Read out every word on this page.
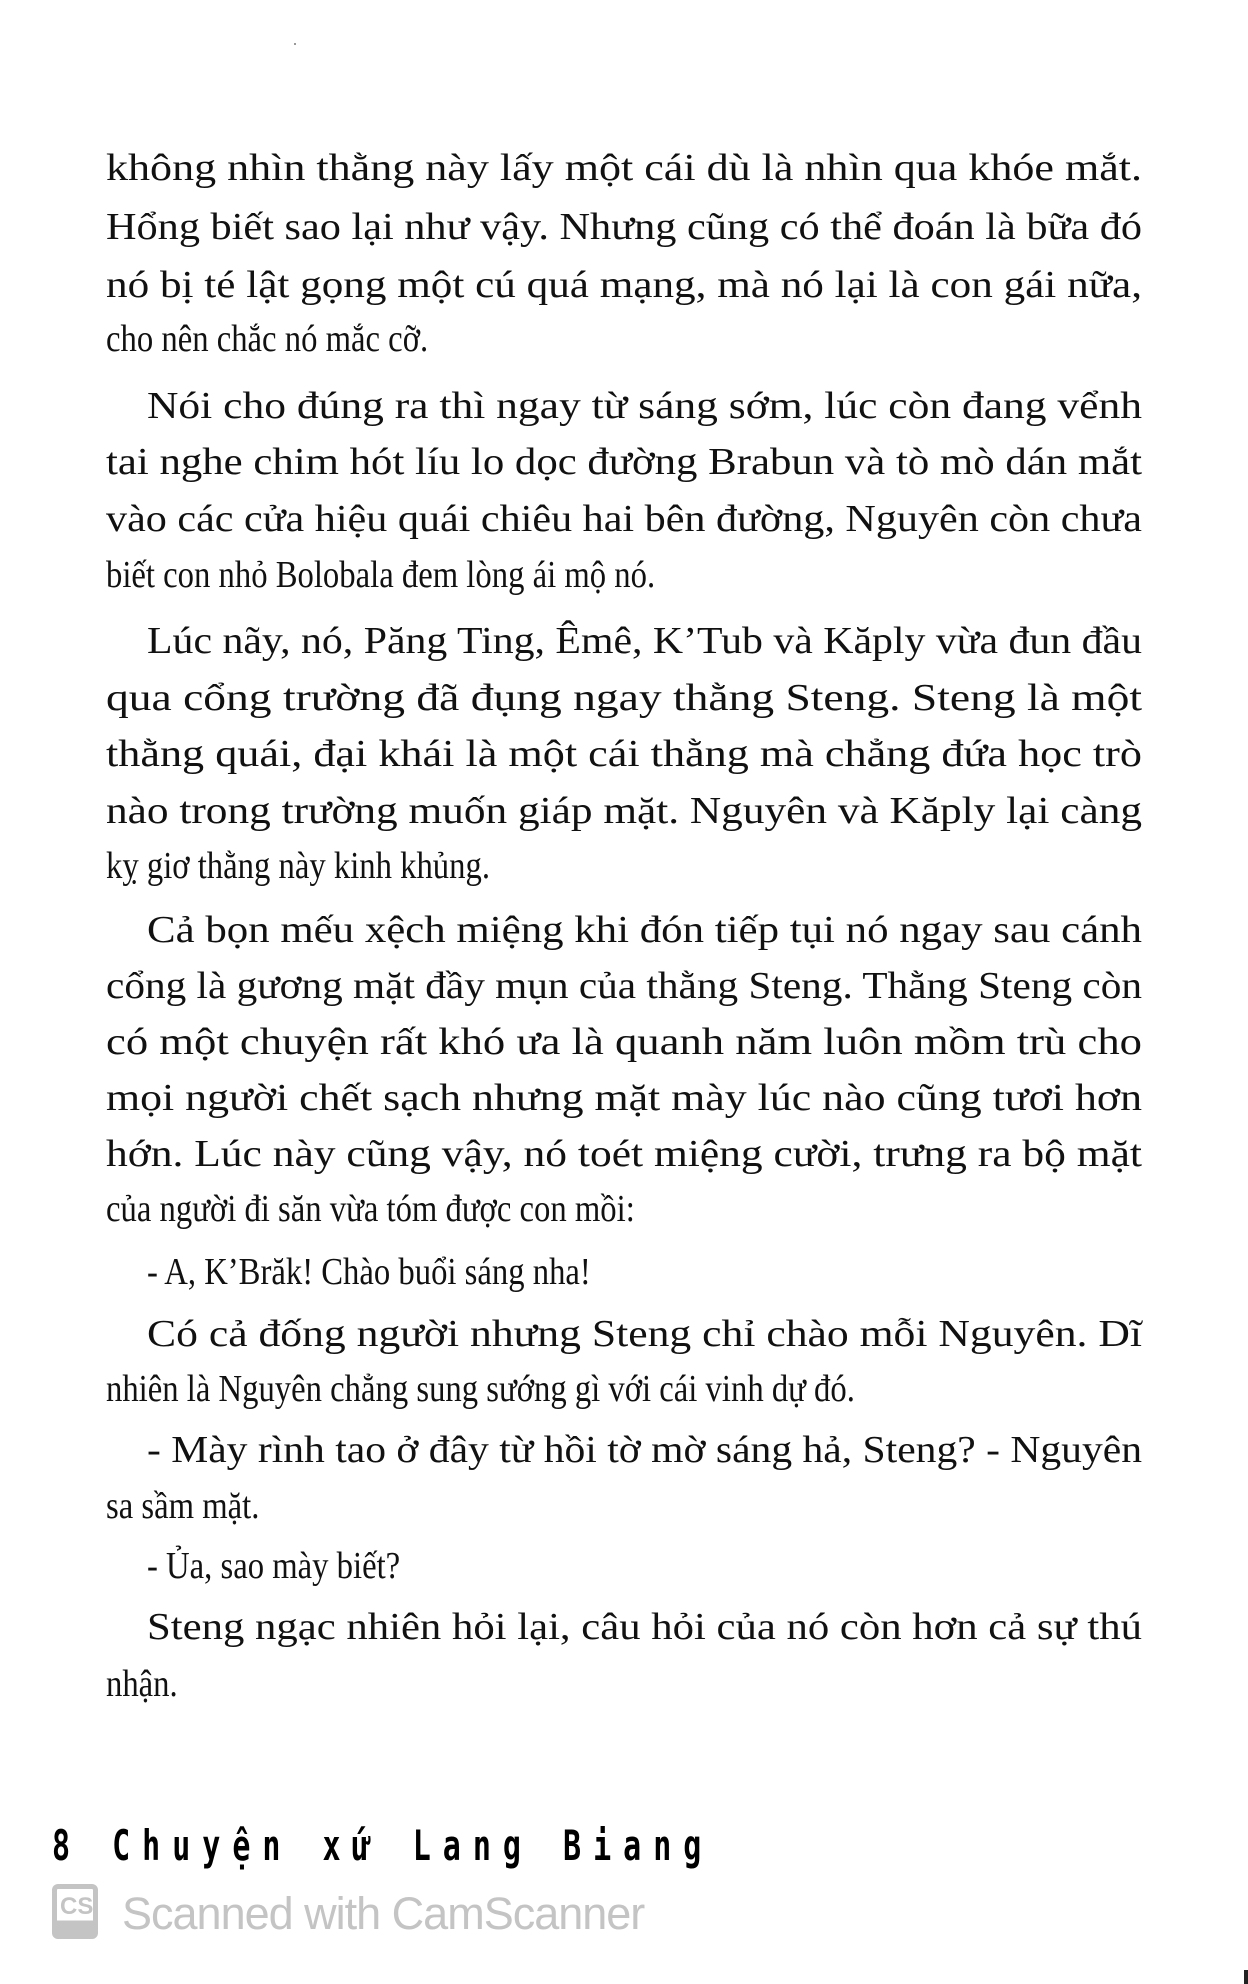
không nhìn thằng này lấy một cái dù là nhìn qua khóe mắt.
Hổng biết sao lại như vậy. Nhưng cũng có thể đoán là bữa đó
nó bị té lật gọng một cú quá mạng, mà nó lại là con gái nữa,
cho nên chắc nó mắc cỡ.
Nói cho đúng ra thì ngay từ sáng sớm, lúc còn đang vểnh
tai nghe chim hót líu lo dọc đường Brabun và tò mò dán mắt
vào các cửa hiệu quái chiêu hai bên đường, Nguyên còn chưa
biết con nhỏ Bolobala đem lòng ái mộ nó.
Lúc nãy, nó, Păng Ting, Êmê, K’Tub và Kăply vừa đun đầu
qua cổng trường đã đụng ngay thằng Steng. Steng là một
thằng quái, đại khái là một cái thằng mà chẳng đứa học trò
nào trong trường muốn giáp mặt. Nguyên và Kăply lại càng
kỵ giơ thằng này kinh khủng.
Cả bọn mếu xệch miệng khi đón tiếp tụi nó ngay sau cánh
cổng là gương mặt đầy mụn của thằng Steng. Thằng Steng còn
có một chuyện rất khó ưa là quanh năm luôn mồm trù cho
mọi người chết sạch nhưng mặt mày lúc nào cũng tươi hơn
hớn. Lúc này cũng vậy, nó toét miệng cười, trưng ra bộ mặt
của người đi săn vừa tóm được con mồi:
- A, K’Brăk! Chào buổi sáng nha!
Có cả đống người nhưng Steng chỉ chào mỗi Nguyên. Dĩ
nhiên là Nguyên chẳng sung sướng gì với cái vinh dự đó.
- Mày rình tao ở đây từ hồi tờ mờ sáng hả, Steng? - Nguyên
sa sầm mặt.
- Ủa, sao mày biết?
Steng ngạc nhiên hỏi lại, câu hỏi của nó còn hơn cả sự thú
nhận.
8 Chuyện xứ Lang Biang
CS Scanned with CamScanner
